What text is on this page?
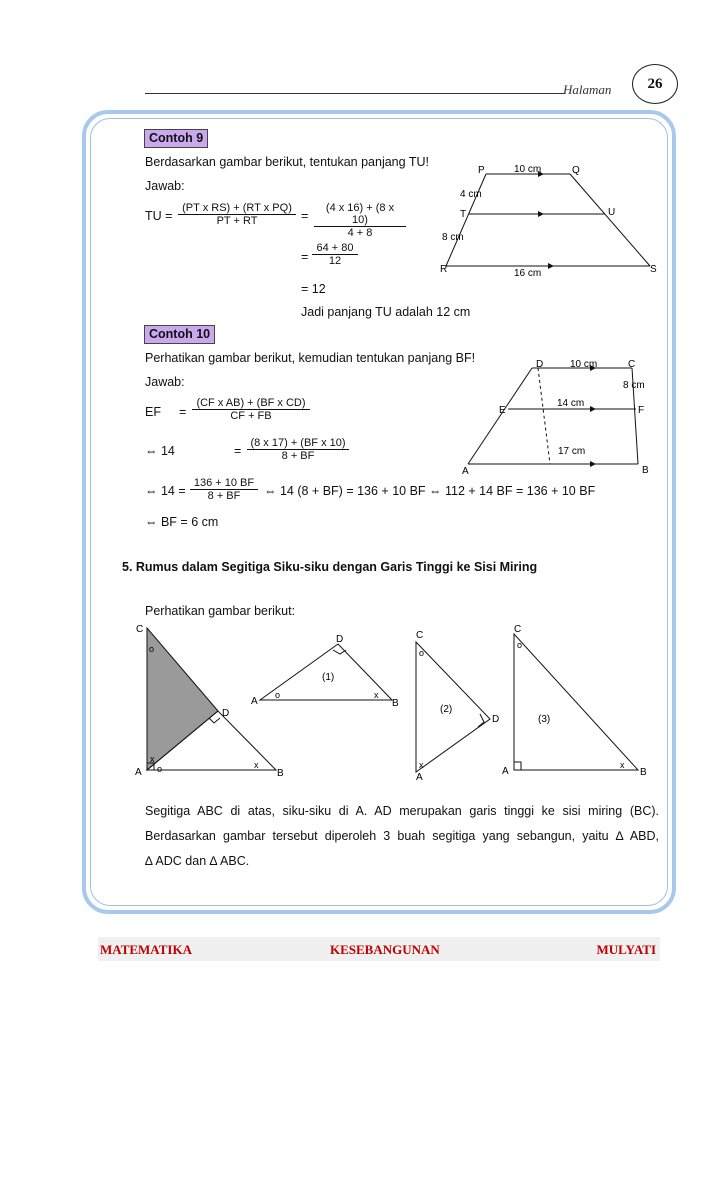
Halaman	26
Contoh 9
Berdasarkan gambar berikut, tentukan panjang TU!
Jawab:
TU = $\frac{\text{(PT x RS) + (RT x PQ)}}{PT + RT} = \frac{(4 x 16) + (8 x 10)}{4 + 8}$
= $\frac{64 + 80}{12}$
= 12
Jadi panjang TU adalah 12 cm
P	Q
T	U
R	S
10 cm
4 cm
8 cm
16 cm
Contoh 10
Perhatikan gambar berikut, kemudian tentukan panjang BF!
Jawab:
EF = $\frac{\text{(CF x AB) + (BF x CD)}}{CF + FB}$
⇔ 14	= $\frac{\text{(8 x 17) + (BF x 10)}}{8 + BF}$
⇔ $14 = \frac{136 + 10 BF}{8 + BF}$ ⇔ 14 (8 + BF) = 136 + 10 BF ⇔ 112 + 14 BF = 136 + 10 BF
⇔ BF = 6 cm
D	C
E	F
A	B
10 cm
8 cm
14 cm
17 cm
5. Rumus dalam Segitiga Siku-siku dengan Garis Tinggi ke Sisi Miring
Perhatikan gambar berikut:
C
A
D
B
o
x
o	x
D
A	B
o	x
(1)
C
D
A
o
x
(2)
C
A	B
o
x
(3)
Segitiga ABC di atas, siku-siku di A. AD merupakan garis tinggi ke sisi miring (BC).
Berdasarkan gambar tersebut diperoleh 3 buah segitiga yang sebangun, yaitu ∆ ABD,
∆ ADC dan ∆ ABC.
MATEMATIKA	KESEBANGUNAN	MULYATI
